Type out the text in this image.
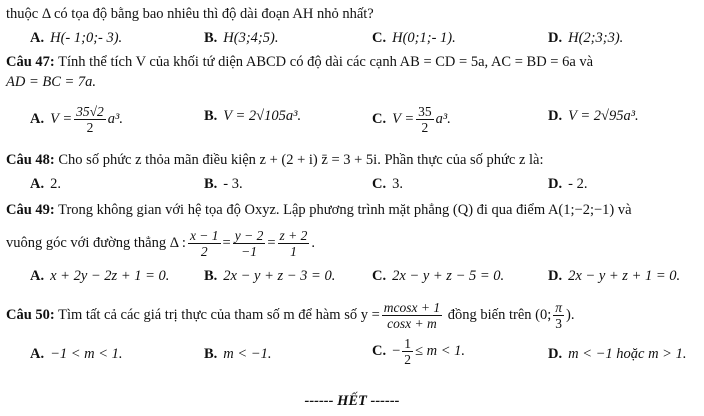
thuộc Δ có tọa độ bằng bao nhiêu thì độ dài đoạn AH nhỏ nhất?
A. H(- 1;0;- 3).	B. H(3;4;5).	C. H(0;1;- 1).	D. H(2;3;3).
Câu 47: Tính thể tích V của khối tứ diện ABCD có độ dài các cạnh AB = CD = 5a, AC = BD = 6a và
AD = BC = 7a.
A. $V = \frac{35√2}{2} a^3$.	B. V = 2√105a³.	C. $V = \frac{35}{2} a^3$.	D. V = 2√95a³.
Câu 48: Cho số phức z thỏa mãn điều kiện z + (2 + i) z̄ = 3 + 5i. Phần thực của số phức z là:
A. 2.	B. - 3.	C. 3.	D. - 2.
Câu 49: Trong không gian với hệ tọa độ Oxyz. Lập phương trình mặt phẳng (Q) đi qua điểm A(1;−2;−1) và
vuông góc với đường thẳng Δ : $\frac{x - 1}{2} = \frac{y - 2}{-1} = \frac{z + 2}{1}$ .
A. x + 2y − 2z + 1 = 0. B. 2x − y + z − 3 = 0.	C. 2x − y + z − 5 = 0.	D. 2x − y + z + 1 = 0.
Câu 50: Tìm tất cả các giá trị thực của tham số m để hàm số $y = \frac{mcosx + 1}{\cos x + m}$ đồng biến trên (0; $\frac{\pi}{3}$ ).
A. −1 < m < 1.	B. m < −1.	C. − $\frac{1}{2} \le m < 1$.	D. m < −1 hoặc m > 1.
------ HẾT ------
